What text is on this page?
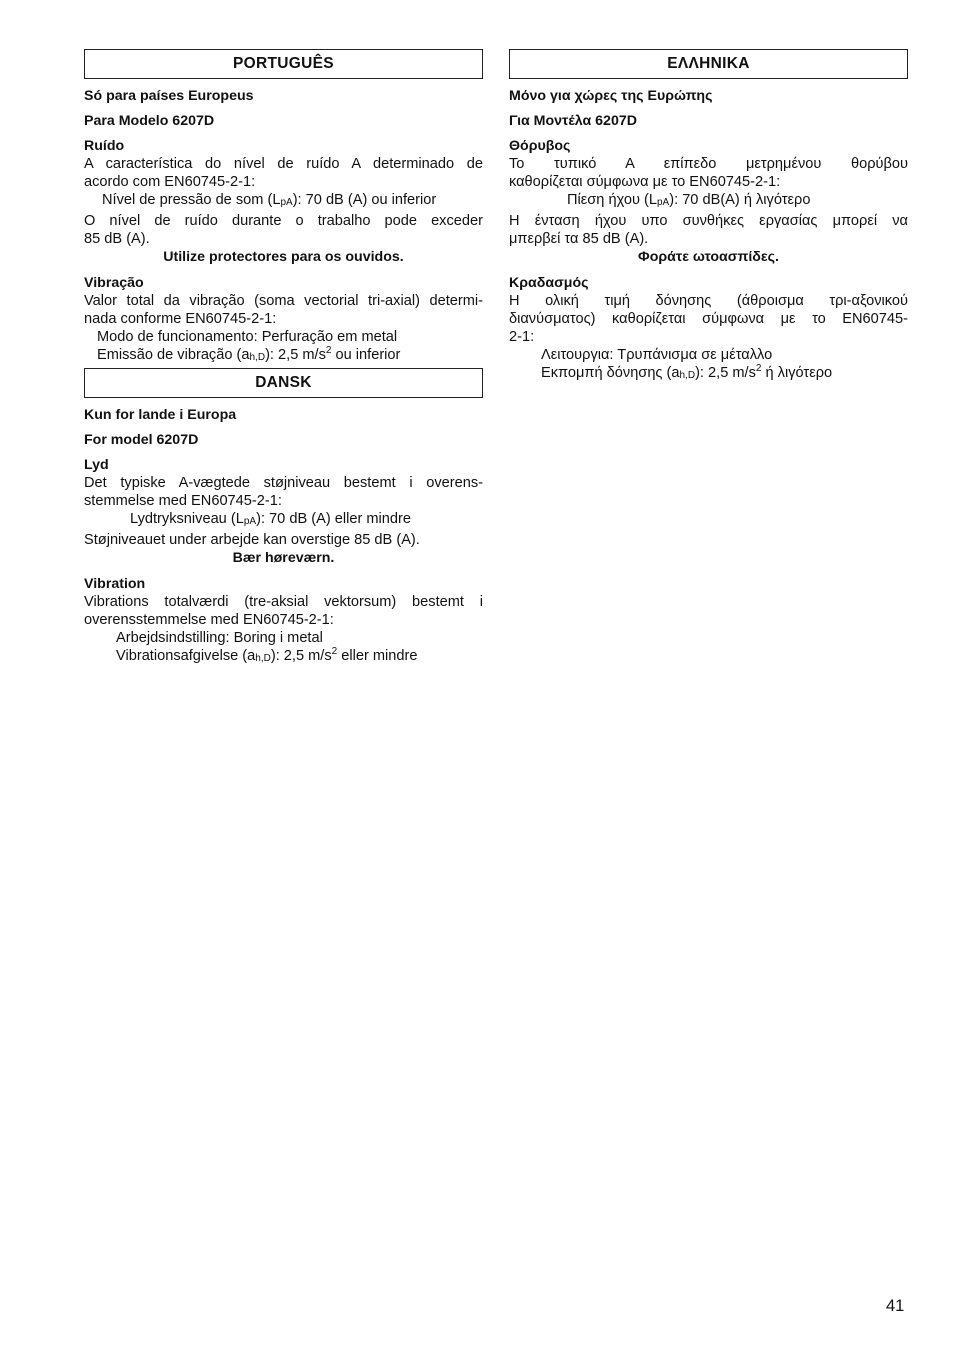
PORTUGUÊS
Só para países Europeus
Para Modelo 6207D
Ruído
A característica do nível de ruído A determinado de
acordo com EN60745-2-1:
Nível de pressão de som $(L_{pA})$: 70 dB (A) ou inferior
O nível de ruído durante o trabalho pode exceder
85 dB (A).
Utilize protectores para os ouvidos.
Vibração
Valor total da vibração (soma vectorial tri-axial) determi-
nada conforme EN60745-2-1:
Modo de funcionamento: Perfuração em metal
Emissão de vibração $(a_{h,D})$: 2,5 $m/s^2$ ou inferior
DANSK
Kun for lande i Europa
For model 6207D
Lyd
Det typiske A-vægtede støjniveau bestemt i overens-
stemmelse med EN60745-2-1:
Lydtryksniveau $(L_{pA})$: 70 dB (A) eller mindre
Støjniveauet under arbejde kan overstige 85 dB (A).
Bær høreværn.
Vibration
Vibrations totalværdi (tre-aksial vektorsum) bestemt i
overensstemmelse med EN60745-2-1:
Arbejdsindstilling: Boring i metal
Vibrationsafgivelse $(a_{h,D})$: 2,5 $m/s^2$ eller mindre
ΕΛΛΗΝΙΚΑ
Μόνο για χώρες της Ευρώπης
Για Μοντέλα 6207D
Θόρυβος
Το τυπικό Α επίπεδο μετρημένου θορύβου
καθορίζεται σύμφωνα με το EN60745-2-1:
Πίεση ήχου $(L_{pA})$: 70 dB(A) ή λιγότερο
Η ένταση ήχου υπο συνθήκες εργασίας μπορεί να
μπερβεί τα 85 dB (A).
Φοράτε ωτοασπίδες.
Κραδασμός
Η ολική τιμή δόνησης (άθροισμα τρι-αξονικού
διανύσματος) καθορίζεται σύμφωνα με το EN60745-
2-1:
Λειτουργια: Τρυπάνισμα σε μέταλλο
Εκπομπή δόνησης $(a_{h,D})$: 2,5 $m/s^2$ ή λιγότερο
41
